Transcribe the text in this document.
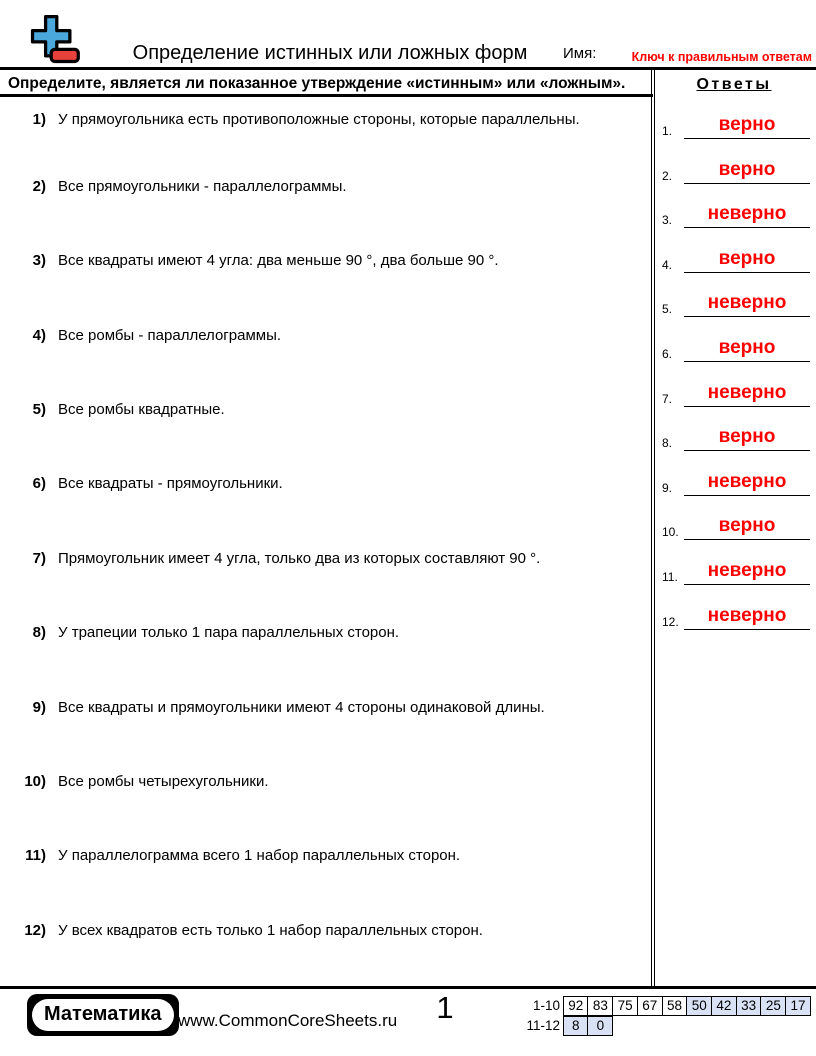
Определение истинных или ложных форм Имя:	Ключ к правильным ответам
Определите, является ли показанное утверждение «истинным» или «ложным».
1) У прямоугольника есть противоположные стороны, которые параллельны.
2) Все прямоугольники - параллелограммы.
3) Все квадраты имеют 4 угла: два меньше 90 °, два больше 90 °.
4) Все ромбы - параллелограммы.
5) Все ромбы квадратные.
6) Все квадраты - прямоугольники.
7) Прямоугольник имеет 4 угла, только два из которых составляют 90 °.
8) У трапеции только 1 пара параллельных сторон.
9) Все квадраты и прямоугольники имеют 4 стороны одинаковой длины.
10) Все ромбы четырехугольники.
11) У параллелограмма всего 1 набор параллельных сторон.
12) У всех квадратов есть только 1 набор параллельных сторон.
Ответы
1.	верно
2.	верно
3.	неверно
4.	верно
5.	неверно
6.	верно
7.	неверно
8.	верно
9.	неверно
10.	верно
11.	неверно
12.	неверно
Математика www.CommonCoreSheets.ru	1	1-10 92 83 75 67 58 50 42 33 25 17
11-12 8	0
